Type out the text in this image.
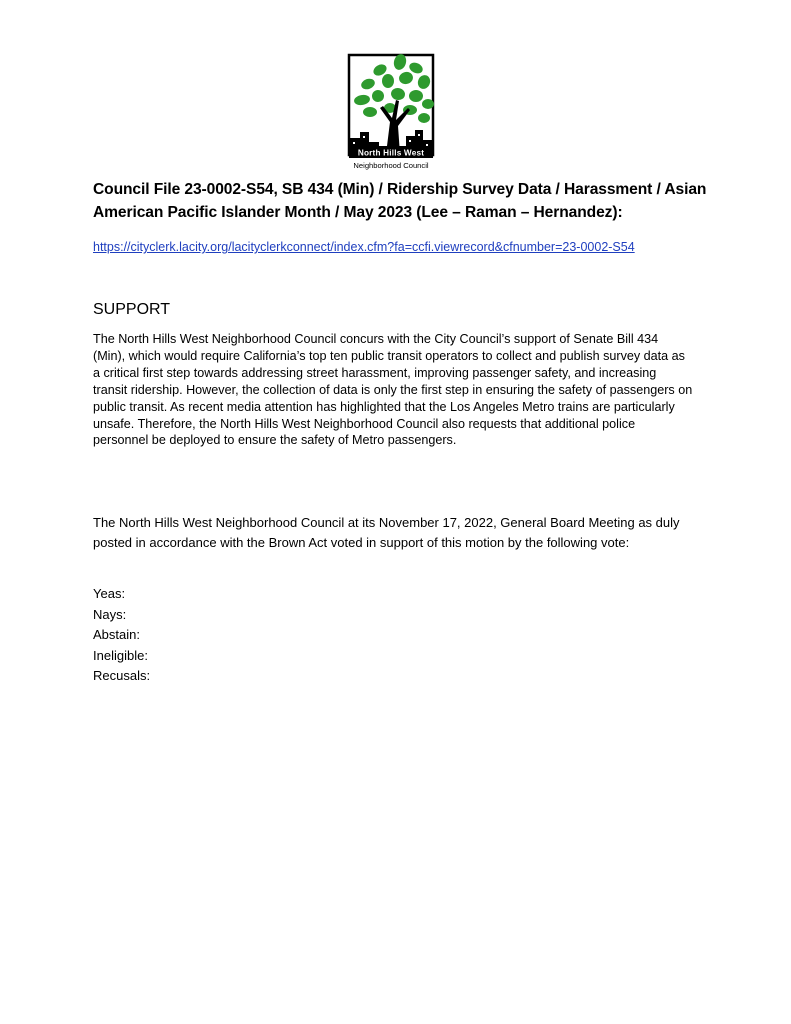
North Hills West
Neighborhood Council
Council File 23-0002-S54, SB 434 (Min) / Ridership Survey Data / Harassment / Asian American Pacific Islander Month / May 2023 (Lee – Raman – Hernandez):
https://cityclerk.lacity.org/lacityclerkconnect/index.cfm?fa=ccfi.viewrecord&cfnumber=23-0002-S54
SUPPORT
The North Hills West Neighborhood Council concurs with the City Council’s support of Senate Bill 434 (Min), which would require California’s top ten public transit operators to collect and publish survey data as a critical first step towards addressing street harassment, improving passenger safety, and increasing transit ridership. However, the collection of data is only the first step in ensuring the safety of passengers on public transit. As recent media attention has highlighted that the Los Angeles Metro trains are particularly unsafe. Therefore, the North Hills West Neighborhood Council also requests that additional police personnel be deployed to ensure the safety of Metro passengers.
The North Hills West Neighborhood Council at its November 17, 2022, General Board Meeting as duly posted in accordance with the Brown Act voted in support of this motion by the following vote:
Yeas:
Nays:
Abstain:
Ineligible:
Recusals:
